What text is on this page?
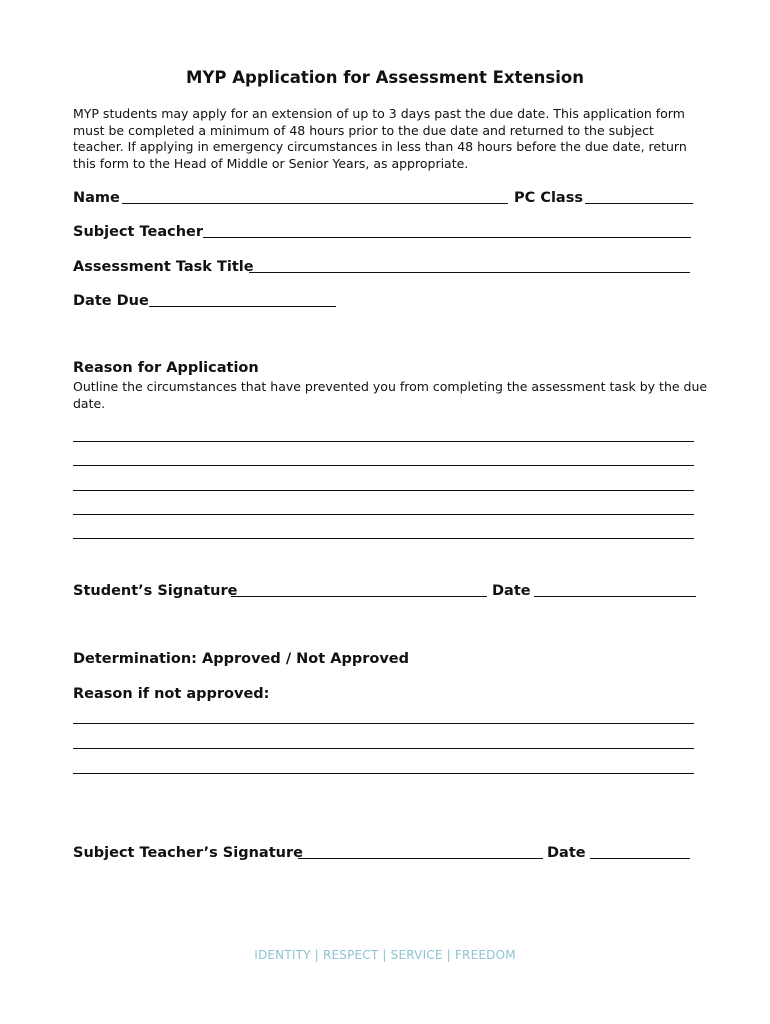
MYP Application for Assessment Extension

MYP students may apply for an extension of up to 3 days past the due date. This application form must be completed a minimum of 48 hours prior to the due date and returned to the subject teacher. If applying in emergency circumstances in less than 48 hours before the due date, return this form to the Head of Middle or Senior Years, as appropriate.

Name	PC Class
Subject Teacher
Assessment Task Title
Date Due
Reason for Application

Outline the circumstances that have prevented you from completing the assessment task by the due date.

Student’s Signature	Date
Determination: Approved / Not Approved
Reason if not approved:
Subject Teacher’s Signature	Date
IDENTITY | RESPECT | SERVICE | FREEDOM
